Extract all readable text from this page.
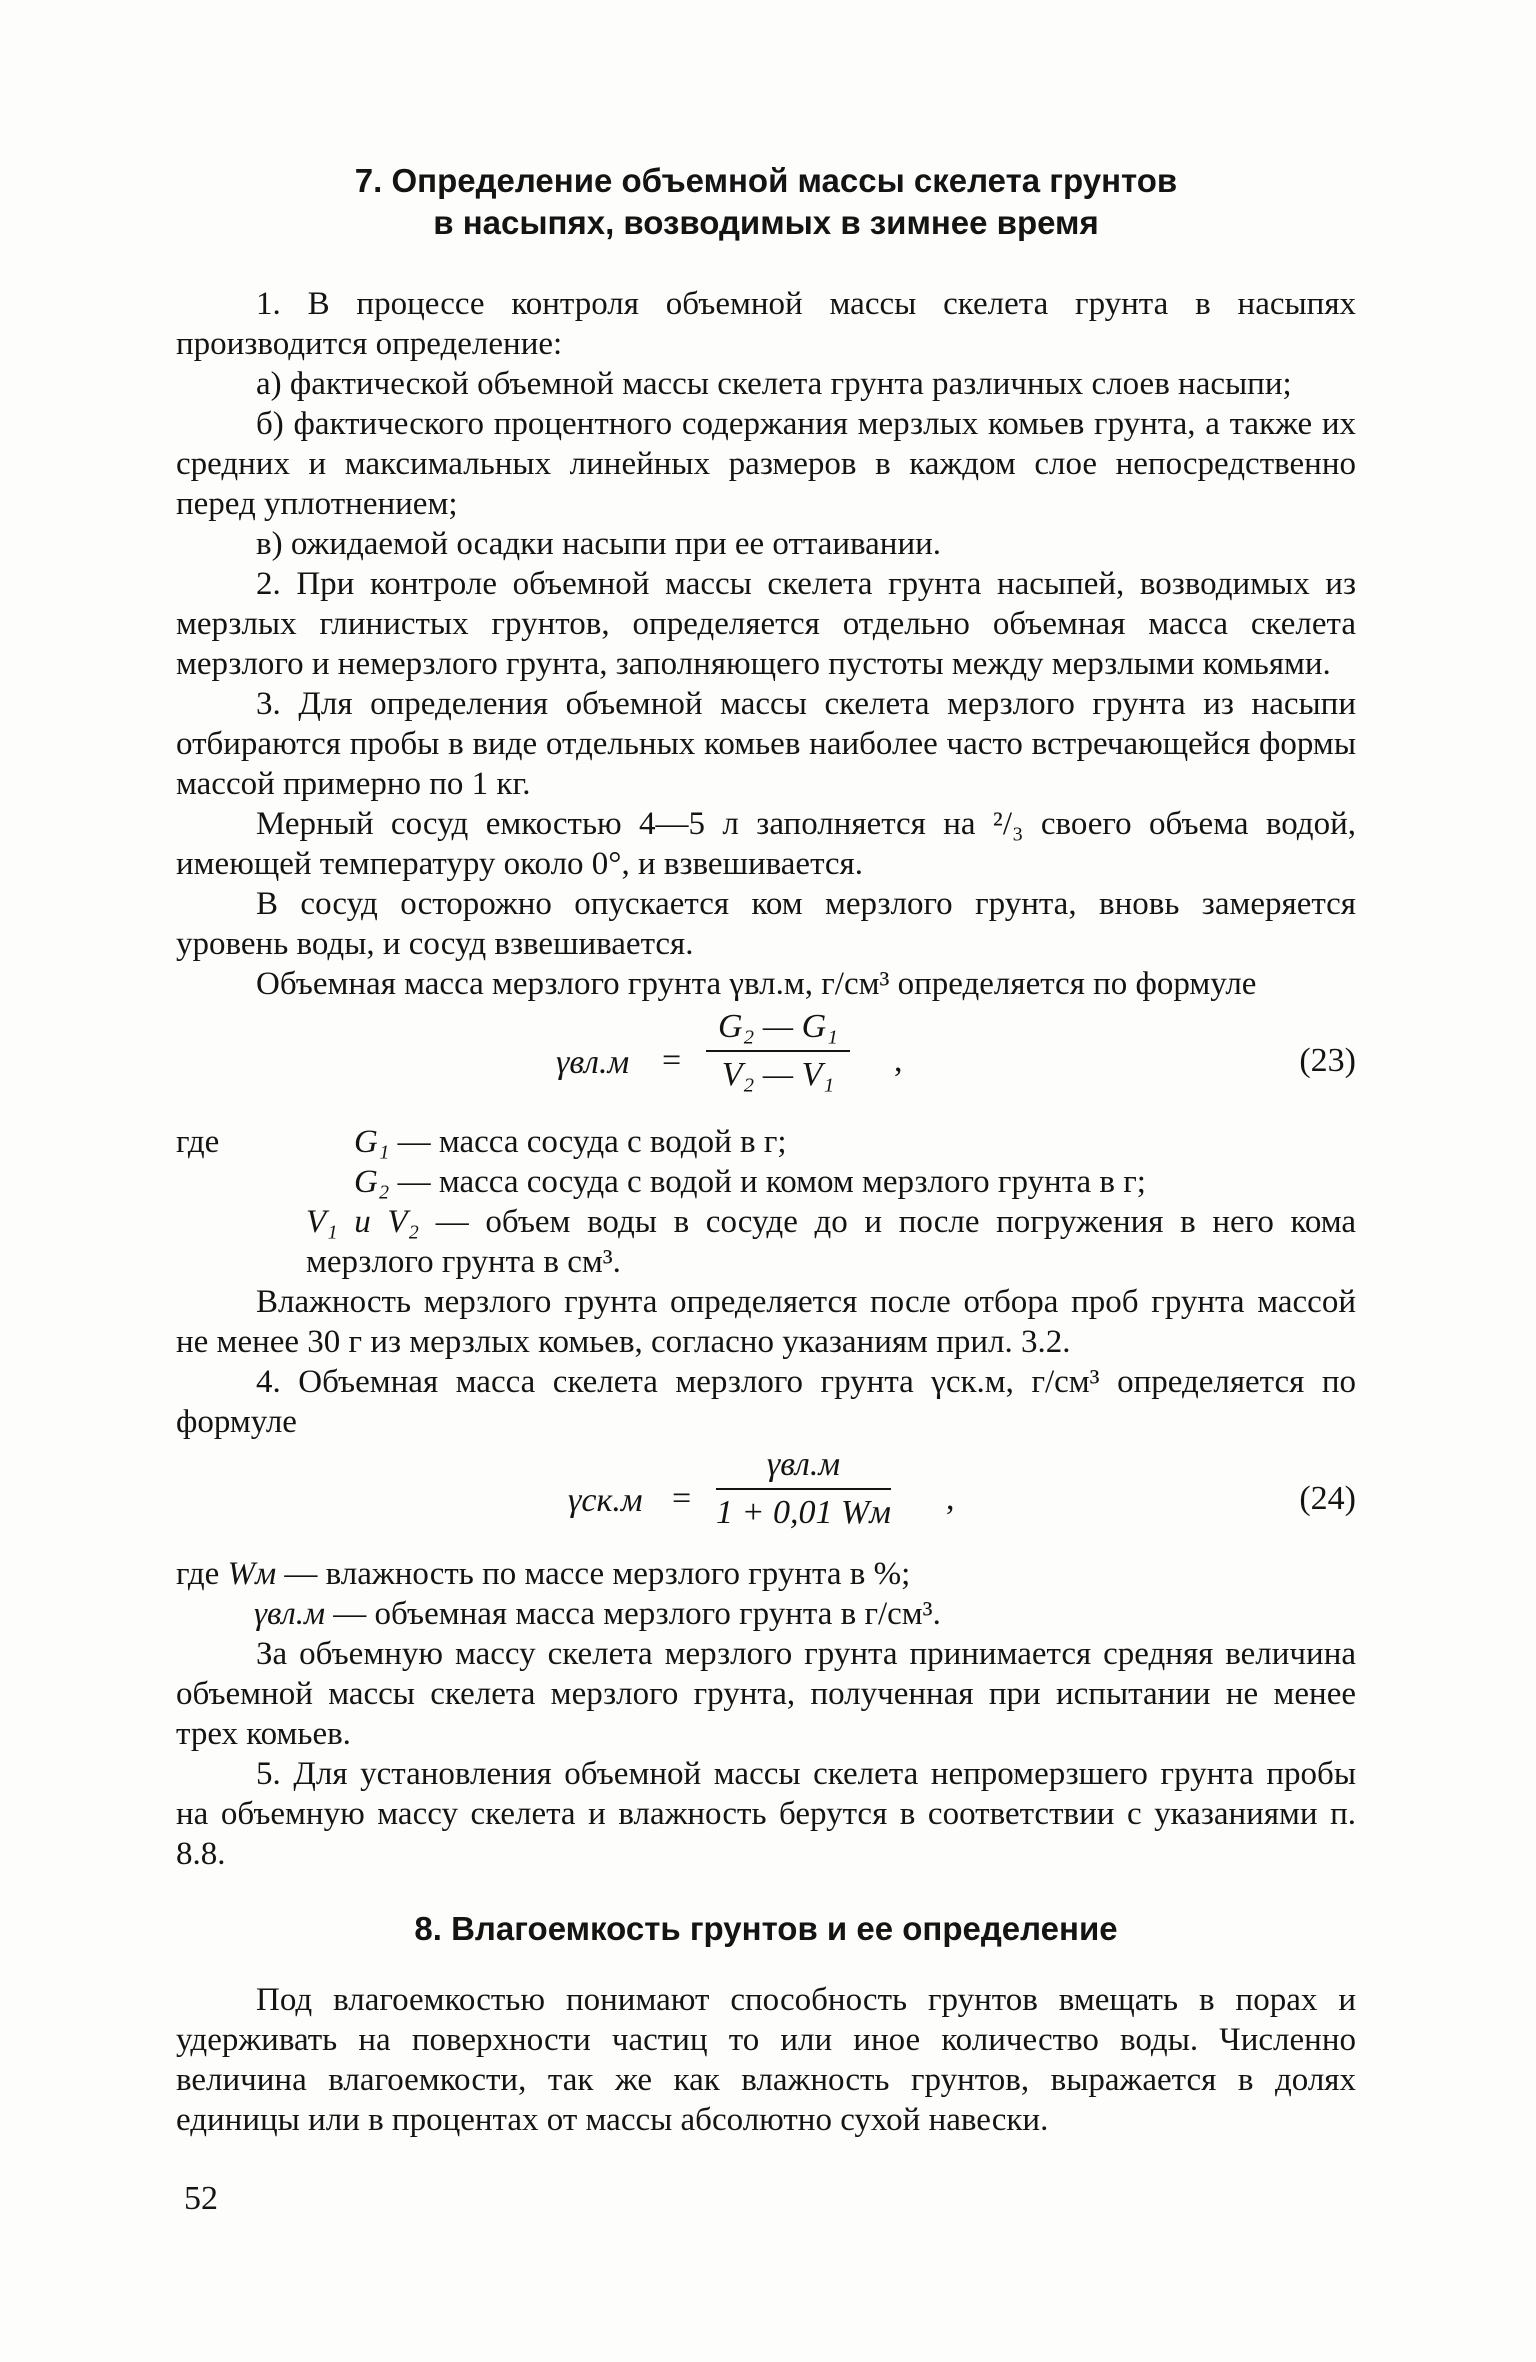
7. Определение объемной массы скелета грунтов
в насыпях, возводимых в зимнее время

1. В процессе контроля объемной массы скелета грунта в насыпях производится определение:

а) фактической объемной массы скелета грунта различных слоев насыпи;

б) фактического процентного содержания мерзлых комьев грунта, а также их средних и максимальных линейных размеров в каждом слое непосредственно перед уплотнением;

в) ожидаемой осадки насыпи при ее оттаивании.

2. При контроле объемной массы скелета грунта насыпей, возводимых из мерзлых глинистых грунтов, определяется отдельно объемная масса скелета мерзлого и немерзлого грунта, заполняющего пустоты между мерзлыми комьями.

3. Для определения объемной массы скелета мерзлого грунта из насыпи отбираются пробы в виде отдельных комьев наиболее часто встречающейся формы массой примерно по 1 кг.

Мерный сосуд емкостью 4—5 л заполняется на ²/₃ своего объема водой, имеющей температуру около 0°, и взвешивается.

В сосуд осторожно опускается ком мерзлого грунта, вновь замеряется уровень воды, и сосуд взвешивается.

Объемная масса мерзлого грунта γвл.м, г/см³ определяется по формуле

$\gamma вл.м = \frac{\text{G₂ — G₁}}{\text{V₂ — V₁}}$ ,	(23)
где	G₁ — масса сосуда с водой в г;
G₂ — масса сосуда с водой и комом мерзлого грунта в г;
V₁ и V₂ — объем воды в сосуде до и после погружения в него кома мерзлого грунта в см³.

Влажность мерзлого грунта определяется после отбора проб грунта массой не менее 30 г из мерзлых комьев, согласно указаниям прил. 3.2.

4. Объемная масса скелета мерзлого грунта γск.м, г/см³ определяется по формуле

γск.м =
γвл.м
1 + 0,01 Wм ,	(24)
где Wм — влажность по массе мерзлого грунта в %;
γвл.м — объемная масса мерзлого грунта в г/см³.

За объемную массу скелета мерзлого грунта принимается средняя величина объемной массы скелета мерзлого грунта, полученная при испытании не менее трех комьев.

5. Для установления объемной массы скелета непромерзшего грунта пробы на объемную массу скелета и влажность берутся в соответствии с указаниями п. 8.8.

8. Влагоемкость грунтов и ее определение

Под влагоемкостью понимают способность грунтов вмещать в порах и удерживать на поверхности частиц то или иное количество воды. Численно величина влагоемкости, так же как влажность грунтов, выражается в долях единицы или в процентах от массы абсолютно сухой навески.

52
